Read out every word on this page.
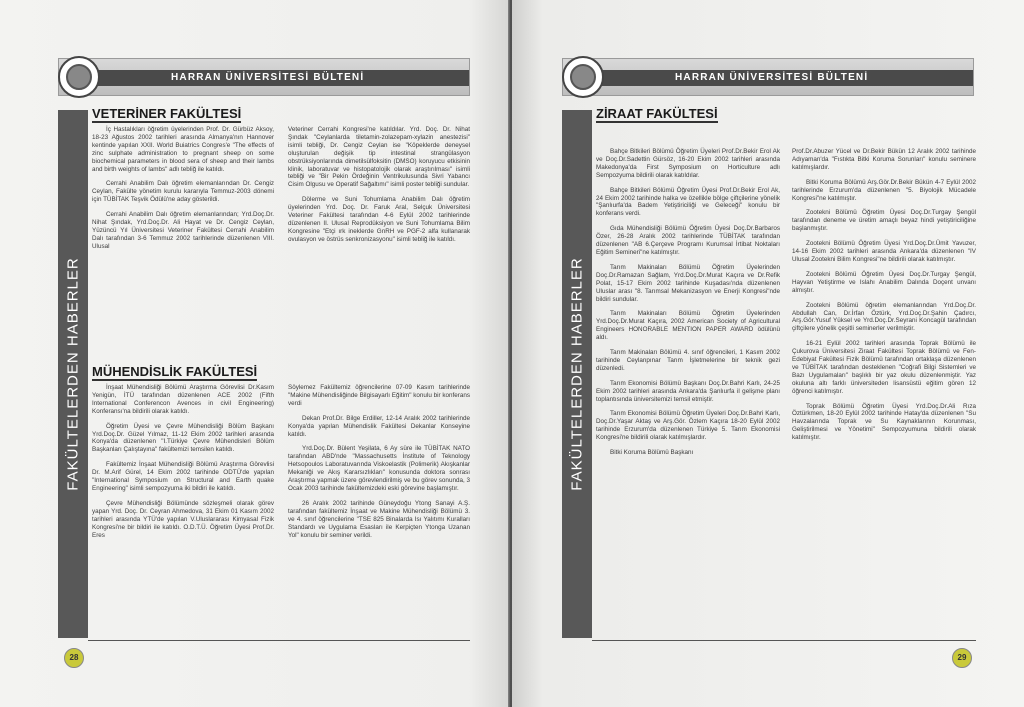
HARRAN ÜNİVERSİTESİ BÜLTENİ
FAKÜLTELERDEN HABERLER
VETERİNER FAKÜLTESİ

İç Hastalıkları öğretim üyelerinden Prof. Dr. Gürbüz Aksoy, 18-23 Ağustos 2002 tarihleri arasında Almanya'nın Hannover kentinde yapılan XXII. World Buiatrics Congres'e "The effects of zinc sulphate administration to pregnant sheep on some biochemical parameters in blood sera of sheep and their lambs and birth weights of lambs" adlı tebliğ ile katıldı.

Cerrahi Anabilim Dalı öğretim elemanlarından Dr. Cengiz Ceylan, Fakülte yönetim kurulu kararıyla Temmuz-2003 dönemi için TÜBİTAK Teşvik Ödülü'ne aday gösterildi.

Cerrahi Anabilim Dalı öğretim elemanlarından; Yrd.Doç.Dr. Nihat Şındak, Yrd.Doç.Dr. Ali Hayat ve Dr. Cengiz Ceylan, Yüzüncü Yıl Üniversitesi Veteriner Fakültesi Cerrahi Anabilim Dalı tarafından 3-6 Temmuz 2002 tarihlerinde düzenlenen VIII. Ulusal

Veteriner Cerrahi Kongresi'ne katıldılar. Yrd. Doç. Dr. Nihat Şındak "Ceylanlarda tiletamin-zolazepam-xylazin anestezisi" isimli tebliği, Dr. Cengiz Ceylan ise "Köpeklerde deneysel oluşturulan değişik tip intestinal strangülasyon obstrüksiyonlarında dimetilsülfoksitin (DMSO) koruyucu etkisinin klinik, laboratuvar ve histopatolojik olarak araştırılması" isimli tebliği ve "Bir Pekin Ördeğinin Ventrikulusunda Sivri Yabancı Cisim Olgusu ve Operatif Sağaltımı" isimli poster tebliği sundular.

Dölerme ve Suni Tohumlama Anabilim Dalı öğretim üyelerinden Yrd. Doç. Dr. Faruk Aral, Selçuk Üniversitesi Veteriner Fakültesi tarafından 4-6 Eylül 2002 tarihlerinde düzenlenen II. Ulusal Reprodüksiyon ve Suni Tohumlama Bilim Kongresine "Etçi ırk ineklerde GnRH ve PGF-2 alfa kullanarak ovulasyon ve östrüs senkronizasyonu" isimli tebliğ ile katıldı.

MÜHENDİSLİK FAKÜLTESİ

İnşaat Mühendisliği Bölümü Araştırma Görevlisi Dr.Kasım Yenigün, İTÜ tarafından düzenlenen ACE 2002 (Fifth International Conferencon Avences in civil Engineering) Konferansı'na bildirili olarak katıldı.

Öğretim Üyesi ve Çevre Mühendisliği Bölüm Başkanı Yrd.Doç.Dr. Güzel Yılmaz, 11-12 Ekim 2002 tarihleri arasında Konya'da düzenlenen "I.Türkiye Çevre Mühendisleri Bölüm Başkanları Çalıştayına" fakültemizi temsilen katıldı.

Fakültemiz İnşaat Mühendisliği Bölümü Araştırma Görevlisi Dr. M.Arif Gürel, 14 Ekim 2002 tarihinde ODTÜ'de yapılan "International Symposium on Structural and Earth quake Engineering" isimli sempozyuma iki bildiri ile katıldı.

Çevre Mühendisliği Bölümünde sözleşmeli olarak görev yapan Yrd. Doç. Dr. Ceyran Ahmedova, 31 Ekim 01 Kasım 2002 tarihleri arasında YTÜ'de yapılan V.Uluslararası Kimyasal Fizik Kongresi'ne bir bildiri ile katıldı. O.D.T.Ü. Öğretim Üyesi Prof.Dr. Eres

Söylemez Fakültemiz öğrencilerine 07-09 Kasım tarihlerinde "Makine Mühendisliğinde Bilgisayarlı Eğitim" konulu bir konferans verdi

Dekan Prof.Dr. Bilge Erdiller, 12-14 Aralık 2002 tarihlerinde Konya'da yapılan Mühendislik Fakültesi Dekanlar Konseyine katıldı.

Yrd.Doç.Dr. Bülent Yeşilata, 6 Ay süre ile TÜBİTAK NATO tarafından ABD'nde "Massachusetts İnstitute of Teknology Hetsopoulos Laboratuvarında Viskoelastik (Polimerik) Akışkanlar Mekaniği ve Akış Kararsızlıkları" konusunda doktora sonrası Araştırma yapmak üzere görevlendirilmiş ve bu görev sonunda, 3 Ocak 2003 tarihinde fakültemizdeki eski görevine başlamıştır.

26 Aralık 2002 tarihinde Güneydoğu Ytong Sanayi A.Ş. tarafından fakültemiz İnşaat ve Makine Mühendisliği Bölümü 3. ve 4. sınıf öğrencilerine "TSE 825 Binalarda Isı Yalıtımı Kuralları Standardı ve Uygulama Esasları ile Kerpiçten Ytonga Uzanan Yol" konulu bir seminer verildi.

28
HARRAN ÜNİVERSİTESİ BÜLTENİ
FAKÜLTELERDEN HABERLER
ZİRAAT FAKÜLTESİ

Bahçe Bitkileri Bölümü Öğretim Üyeleri Prof.Dr.Bekir Erol Ak ve Doç.Dr.Sadettin Gürsöz, 16-20 Ekim 2002 tarihleri arasında Makedonya'da First Symposium on Horticulture adlı Sempozyuma bildirili olarak katıldılar.

Bahçe Bitkileri Bölümü Öğretim Üyesi Prof.Dr.Bekir Erol Ak, 24 Ekim 2002 tarihinde halka ve özellikle bölge çiftçilerine yönelik "Şanlıurfa'da Badem Yetiştiriciliği ve Geleceği" konulu bir konferans verdi.

Gıda Mühendisliği Bölümü Öğretim Üyesi Doç.Dr.Barbaros Özer, 26-28 Aralık 2002 tarihlerinde TÜBİTAK tarafından düzenlenen "AB 6.Çerçeve Programı Kurumsal İrtibat Noktaları Eğitim Semineri"ne katılmıştır.

Tarım Makinaları Bölümü Öğretim Üyelerinden Doç.Dr.Ramazan Sağlam, Yrd.Doç.Dr.Murat Kaçıra ve Dr.Refik Polat, 15-17 Ekim 2002 tarihinde Kuşadası'nda düzenlenen Uluslar arası "8. Tarımsal Mekanizasyon ve Enerji Kongresi"nde bildiri sundular.

Tarım Makinaları Bölümü Öğretim Üyelerinden Yrd.Doç.Dr.Murat Kaçıra, 2002 American Society of Agricultural Engineers HONORABLE MENTION PAPER AWARD ödülünü aldı.

Tarım Makinaları Bölümü 4. sınıf öğrencileri, 1 Kasım 2002 tarihinde Ceylanpınar Tarım İşletmelerine bir teknik gezi düzenledi.

Tarım Ekonomisi Bölümü Başkanı Doç.Dr.Bahri Karlı, 24-25 Ekim 2002 tarihleri arasında Ankara'da Şanlıurfa il gelişme planı toplantısında üniversitemizi temsil etmiştir.

Tarım Ekonomisi Bölümü Öğretim Üyeleri Doç.Dr.Bahri Karlı, Doç.Dr.Yaşar Aktaş ve Arş.Gör. Özlem Kaçıra 18-20 Eylül 2002 tarihinde Erzurum'da düzenlenen Türkiye 5. Tarım Ekonomisi Kongresi'ne bildirili olarak katılmışlardır.

Bitki Koruma Bölümü Başkanı

Prof.Dr.Abuzer Yücel ve Dr.Bekir Bükün 12 Aralık 2002 tarihinde Adıyaman'da "Fıstıkta Bitki Koruma Sorunları" konulu seminere katılmışlardır.

Bitki Koruma Bölümü Arş.Gör.Dr.Bekir Bükün 4-7 Eylül 2002 tarihlerinde Erzurum'da düzenlenen "5. Biyolojik Mücadele Kongresi"ne katılmıştır.

Zootekni Bölümü Öğretim Üyesi Doç.Dr.Turgay Şengül tarafından deneme ve üretim amaçlı beyaz hindi yetiştiriciliğine başlanmıştır.

Zootekni Bölümü Öğretim Üyesi Yrd.Doç.Dr.Ümit Yavuzer, 14-16 Ekim 2002 tarihleri arasında Ankara'da düzenlenen "IV Ulusal Zootekni Bilim Kongresi"ne bildirili olarak katılmıştır.

Zootekni Bölümü Öğretim Üyesi Doç.Dr.Turgay Şengül, Hayvan Yetiştirme ve Islahı Anabilim Dalında Doçent unvanı almıştır.

Zootekni Bölümü öğretim elemanlarından Yrd.Doç.Dr. Abdullah Can, Dr.İrfan Öztürk, Yrd.Doç.Dr.Şahin Çadırcı, Arş.Gör.Yusuf Yüksel ve Yrd.Doç.Dr.Seyrani Koncagül tarafından çiftçilere yönelik çeşitli seminerler verilmiştir.

16-21 Eylül 2002 tarihleri arasında Toprak Bölümü ile Çukurova Üniversitesi Ziraat Fakültesi Toprak Bölümü ve Fen-Edebiyat Fakültesi Fizik Bölümü tarafından ortaklaşa düzenlenen ve TÜBİTAK tarafından desteklenen "Coğrafi Bilgi Sistemleri ve Bazı Uygulamaları" başlıklı bir yaz okulu düzenlenmiştir. Yaz okuluna altı farklı üniversiteden lisansüstü eğitim gören 12 öğrenci katılmıştır.

Toprak Bölümü Öğretim Üyesi Yrd.Doç.Dr.Ali Rıza Öztürkmen, 18-20 Eylül 2002 tarihinde Hatay'da düzenlenen "Su Havzalarında Toprak ve Su Kaynaklarının Korunması, Geliştirilmesi ve Yönetimi" Sempozyumuna bildirili olarak katılmıştır.

29
